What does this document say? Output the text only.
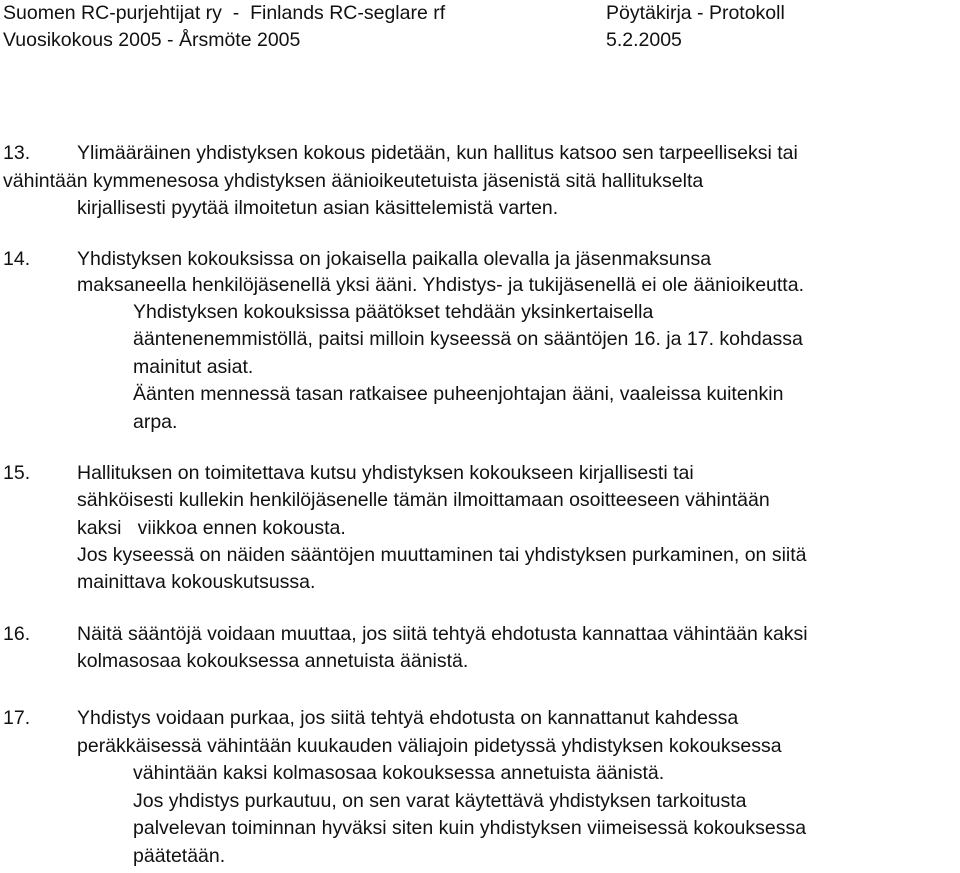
Suomen RC-purjehtijat ry  -  Finlands RC-seglare rf	Pöytäkirja - Protokoll
Vuosikokous 2005 - Årsmöte 2005	5.2.2005
13. Ylimääräinen yhdistyksen kokous pidetään, kun hallitus katsoo sen tarpeelliseksi tai
vähintään kymmenesosa yhdistyksen äänioikeutetuista jäsenistä sitä hallitukselta
kirjallisesti pyytää ilmoitetun asian käsittelemistä varten.
14. Yhdistyksen kokouksissa on jokaisella paikalla olevalla ja jäsenmaksunsa
maksaneella henkilöjäsenellä yksi ääni. Yhdistys- ja tukijäsenellä ei ole äänioikeutta.
Yhdistyksen kokouksissa päätökset tehdään yksinkertaisella
ääntenenemmistöllä, paitsi milloin kyseessä on sääntöjen 16. ja 17. kohdassa
mainitut asiat.
Äänten mennessä tasan ratkaisee puheenjohtajan ääni, vaaleissa kuitenkin
arpa.
15. Hallituksen on toimitettava kutsu yhdistyksen kokoukseen kirjallisesti tai
sähköisesti kullekin henkilöjäsenelle tämän ilmoittamaan osoitteeseen vähintään
kaksi   viikkoa ennen kokousta.
Jos kyseessä on näiden sääntöjen muuttaminen tai yhdistyksen purkaminen, on siitä
mainittava kokouskutsussa.
16. Näitä sääntöjä voidaan muuttaa, jos siitä tehtyä ehdotusta kannattaa vähintään kaksi
kolmasosaa kokouksessa annetuista äänistä.
17. Yhdistys voidaan purkaa, jos siitä tehtyä ehdotusta on kannattanut kahdessa
peräkkäisessä vähintään kuukauden väliajoin pidetyssä yhdistyksen kokouksessa
vähintään kaksi kolmasosaa kokouksessa annetuista äänistä.
Jos yhdistys purkautuu, on sen varat käytettävä yhdistyksen tarkoitusta
palvelevan toiminnan hyväksi siten kuin yhdistyksen viimeisessä kokouksessa
päätetään.
